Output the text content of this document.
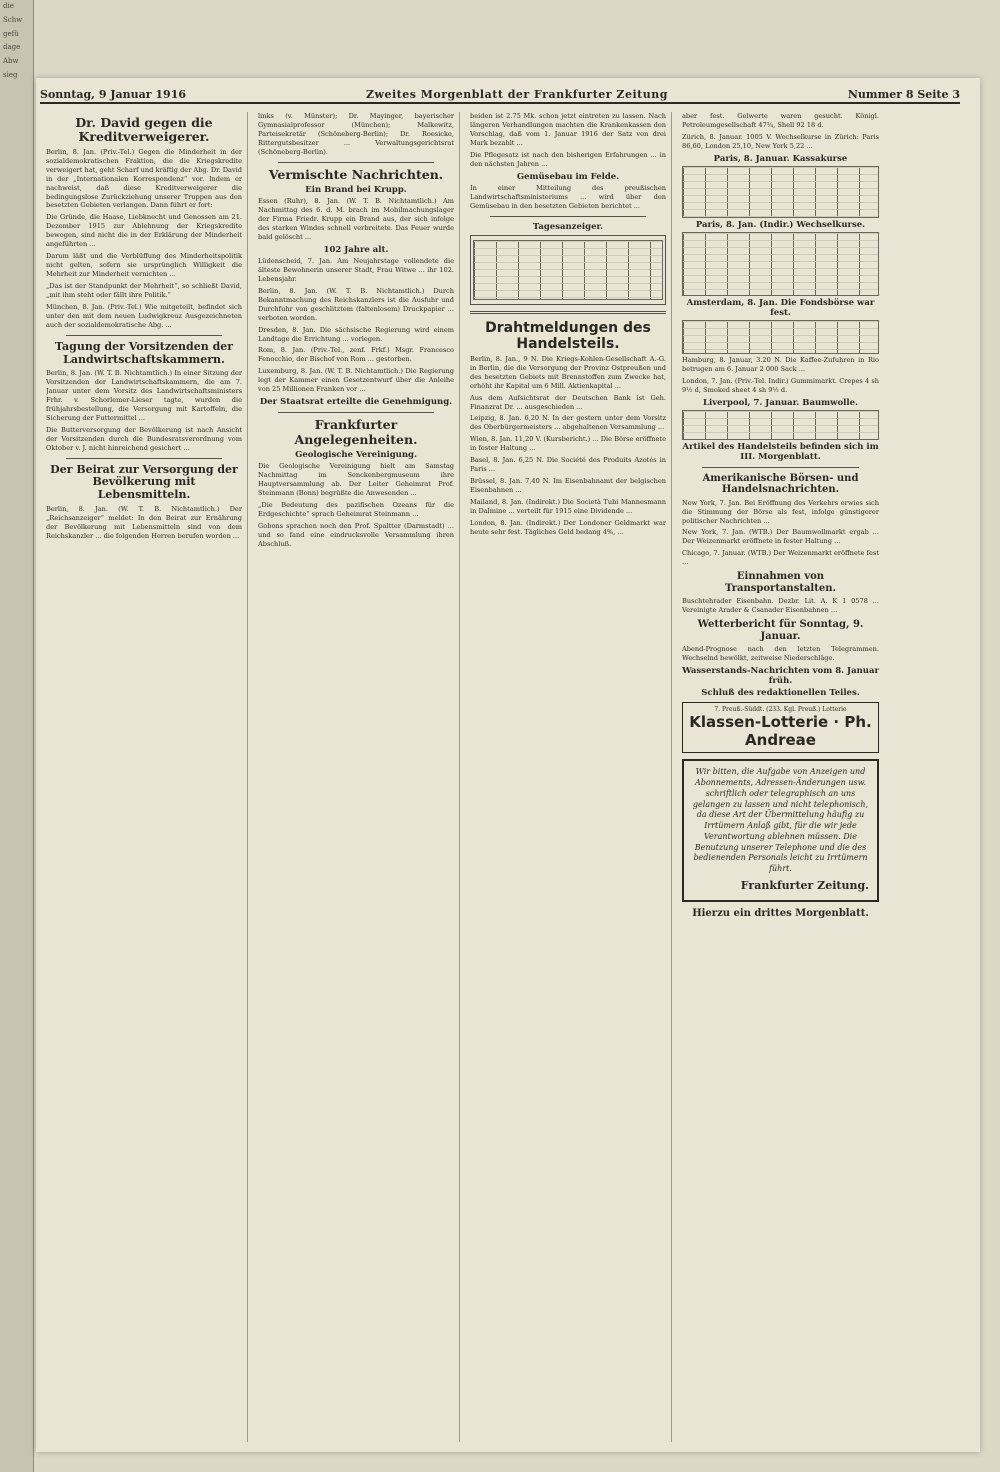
die
Schw
gefü
dage
Abw
sieg
Sonntag, 9 Januar 1916	Zweites Morgenblatt der Frankfurter Zeitung	Nummer 8 Seite 3
Dr. David gegen die Kreditverweigerer.
Berlin, 8. Jan. (Priv.-Tel.) Gegen die Minderheit in der sozialdemokratischen Fraktion, die die Kriegskredite verweigert hat, geht Scharf und kräftig der Abg. Dr. David in der „Internationalen Korrespondenz“ vor. Indem er nachweist, daß diese Kreditverweigerer die bedingungslose Zurückziehung unserer Truppen aus den besetzten Gebieten verlangen. Dann führt er fort:
Die Gründe, die Haase, Liebknecht und Genossen am 21. Dezember 1915 zur Ablehnung der Kriegskredite bewogen, sind nicht die in der Erklärung der Minderheit angeführten ...
Darum läßt und die Verblüffung des Minderheitspolitik nicht gelten, sofern sie ursprünglich Willigkeit die Mehrheit zur Minderheit vernichten ...
„Das ist der Standpunkt der Mehrheit“, so schließt David, „mit ihm steht oder fällt ihre Politik.“
München, 8. Jan. (Priv.-Tel.) Wie mitgeteilt, befindet sich unter den mit dem neuen Ludwigkreuz Ausgezeichneten auch der sozialdemokratische Abg. ...
Tagung der Vorsitzenden der Landwirtschaftskammern.
Berlin, 8. Jan. (W. T. B. Nichtamtlich.) In einer Sitzung der Vorsitzenden der Landwirtschaftskammern, die am 7. Januar unter dem Vorsitz des Landwirtschaftsministers Frhr. v. Schorlemer-Lieser tagte, wurden die frühjahrsbestellung, die Versorgung mit Kartoffeln, die Sicherung der Futtermittel ...
Die Butterversorgung der Bevölkerung ist nach Ansicht der Vorsitzenden durch die Bundesratsverordnung vom Oktober v. J. nicht hinreichend gesichert ...
Der Beirat zur Versorgung der Bevölkerung mit Lebensmitteln.
Berlin, 8. Jan. (W. T. B. Nichtamtlich.) Der „Reichsanzeiger“ meldet: In den Beirat zur Ernährung der Bevölkerung mit Lebensmitteln sind von dem Reichskanzler ... die folgenden Herren berufen worden ...
links (v. Münster); Dr. Mayinger, bayerischer Gymnasialprofessor (München); Malkewitz, Parteisekretär (Schöneberg-Berlin); Dr. Roesicke, Rittergutsbesitzer ... Verwaltungsgerichtsrat (Schöneberg-Berlin).
Vermischte Nachrichten.
Ein Brand bei Krupp.
Essen (Ruhr), 8. Jan. (W. T. B. Nichtamtlich.) Am Nachmittag des 6. d. M. brach im Mobilmachungslager der Firma Friedr. Krupp ein Brand aus, der sich infolge des starken Windes schnell verbreitete. Das Feuer wurde bald gelöscht ...
102 Jahre alt.
Lüdenscheid, 7. Jan. Am Neujahrstage vollendete die älteste Bewohnerin unserer Stadt, Frau Witwe ... ihr 102. Lebensjahr.
Berlin, 8. Jan. (W. T. B. Nichtamtlich.) Durch Bekanntmachung des Reichskanzlers ist die Ausfuhr und Durchfuhr von geschlitztem (faltenlosem) Druckpapier ... verboten worden.
Dresden, 8. Jan. Die sächsische Regierung wird einem Landtage die Errichtung ... vorlegen.
Rom, 8. Jan. (Priv.-Tel., zenf. Frkf.) Msgr. Francesco Fenocchio, der Bischof von Rom ... gestorben.
Luxemburg, 8. Jan. (W. T. B. Nichtamtlich.) Die Regierung legt der Kammer einen Gesetzentwurf über die Anleihe von 25 Millionen Franken vor ...
Der Staatsrat erteilte die Genehmigung.
Frankfurter Angelegenheiten.
Geologische Vereinigung.
Die Geologische Vereinigung hielt am Samstag Nachmittag im Senckenbergmuseum ihre Hauptversammlung ab. Der Leiter Geheimrat Prof. Steinmann (Bonn) begrüßte die Anwesenden ...
„Die Bedeutung des pazifischen Ozeans für die Erdgeschichte“ sprach Geheimrat Steinmann ...
Gobons sprachen noch den Prof. Spaltter (Darmstadt) ... und so fand eine eindrucksvolle Versammlung ihren Abschluß.
beiden ist 2.75 Mk. schon jetzt eintreten zu lassen. Nach längeren Verhandlungen machten die Krankenkassen den Vorschlag, daß vom 1. Januar 1916 der Satz von drei Mark bezahlt ...
Die Pflegesatz ist nach den bisherigen Erfahrungen ... in den nächsten Jahren ...
Gemüsebau im Felde.
In einer Mitteilung des preußischen Landwirtschaftsministeriums ... wird über den Gemüsebau in den besetzten Gebieten berichtet ...
Tagesanzeiger.
Drahtmeldungen des Handelsteils.
Berlin, 8. Jan., 9 N. Die Kriegs-Kohlen-Gesellschaft A.-G. in Berlin, die die Versorgung der Provinz Ostpreußen und des besetzten Gebiets mit Brennstoffen zum Zwecke hat, erhöht ihr Kapital um 6 Mill. Aktienkapital ...
Aus dem Aufsichtsrat der Deutschen Bank ist Geh. Finanzrat Dr. ... ausgeschieden ...
Leipzig, 8. Jan. 6,20 N. In der gestern unter dem Vorsitz des Oberbürgermeisters ... abgehaltenen Versammlung ...
Wien, 8. Jan. 11,20 V. (Kursbericht.) ... Die Börse eröffnete in fester Haltung ...
Basel, 8. Jan. 6,25 N. Die Société des Produits Azotés in Paris ...
Brüssel, 8. Jan. 7,40 N. Im Eisenbahnamt der belgischen Eisenbahnen ...
Mailand, 8. Jan. (Indirekt.) Die Società Tubi Mannesmann in Dalmine ... verteilt für 1915 eine Dividende ...
London, 8. Jan. (Indirekt.) Der Londoner Geldmarkt war heute sehr fest. Tägliches Geld bedang 4%, ...
aber fest. Gelwerte waren gesucht. Königl. Petroleumgesellschaft 47¾, Shell 92 18 d.
Zürich, 8. Januar. 1005 V. Wechselkurse in Zürich: Paris 86,60, London 25,10, New York 5,22 ...
Paris, 8. Januar. Kassakurse
Paris, 8. Jan. (Indir.) Wechselkurse.
Amsterdam, 8. Jan. Die Fondsbörse war fest.
Hamburg, 8. Januar, 3.20 N. Die Kaffee-Zufuhren in Rio betrugen am 6. Januar 2 000 Sack ...
London, 7. Jan. (Priv.-Tel. Indir.) Gummimarkt. Crepes 4 sh 9½ d, Smoked sheet 4 sh 9½ d.
Liverpool, 7. Januar. Baumwolle.
Artikel des Handelsteils befinden sich im III. Morgenblatt.
Amerikanische Börsen- und Handelsnachrichten.
New York, 7. Jan. Bei Eröffnung des Verkehrs erwies sich die Stimmung der Börse als fest, infolge günstigerer politischer Nachrichten ...
New York, 7. Jan. (WTB.) Der Baumwollmarkt ergab ... Der Weizenmarkt eröffnete in fester Haltung ...
Chicago, 7. Januar. (WTB.) Der Weizenmarkt eröffnete fest ...
Einnahmen von Transportanstalten.
Buschtehrader Eisenbahn. Dezbr. Lit. A. K 1 0578 ... Vereinigte Arader & Csanader Eisenbahnen ...
Wetterbericht für Sonntag, 9. Januar.
Abend-Prognose nach den letzten Telegrammen. Wechselnd bewölkt, zeitweise Niederschläge.
Wasserstands-Nachrichten vom 8. Januar früh.
Schluß des redaktionellen Teiles.
7. Preuß.-Süddt. (233. Kgl. Preuß.) Lotterie
Klassen-Lotterie · Ph. Andreae
Wir bitten, die Aufgabe von Anzeigen und Abonnements, Adressen-Änderungen usw. schriftlich oder telegraphisch an uns gelangen zu lassen und nicht telephonisch, da diese Art der Übermittelung häufig zu Irrtümern Anlaß gibt, für die wir jede Verantwortung ablehnen müssen. Die Benutzung unserer Telephone und die des bedienenden Personals leicht zu Irrtümern führt.
Frankfurter Zeitung.
Hierzu ein drittes Morgenblatt.
